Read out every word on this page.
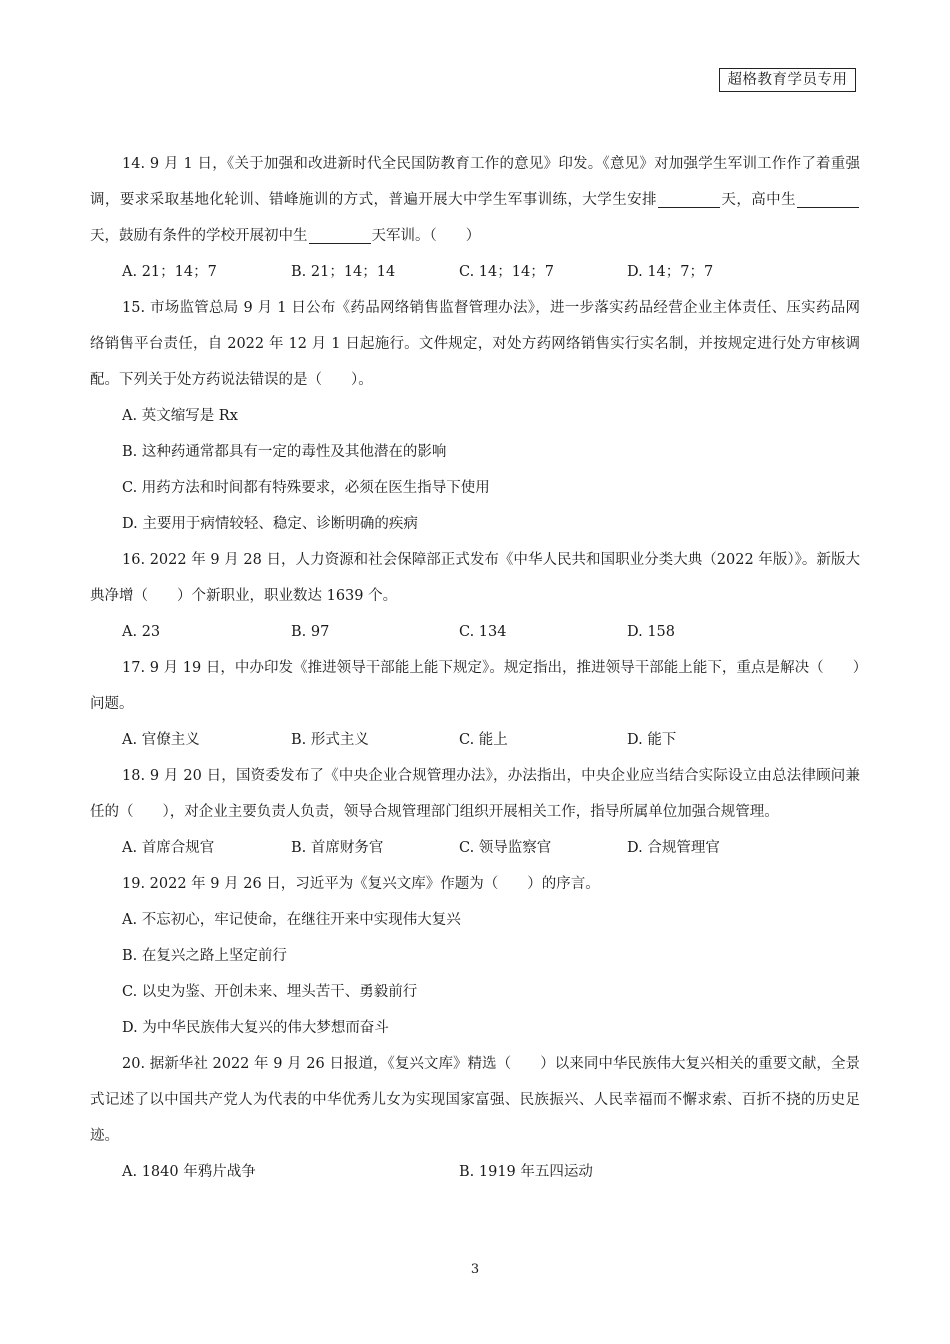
超格教育学员专用

14. 9 月 1 日，《关于加强和改进新时代全民国防教育工作的意见》印发。《意见》对加强学生军训工作作了着重强调，要求采取基地化轮训、错峰施训的方式，普遍开展大中学生军事训练，大学生安排	天，高中生天，鼓励有条件的学校开展初中生	天军训。（　　）

A. 21；14；7	B. 21；14；14	C. 14；14；7	D. 14；7；7

15. 市场监管总局 9 月 1 日公布《药品网络销售监督管理办法》，进一步落实药品经营企业主体责任、压实药品网络销售平台责任，自 2022 年 12 月 1 日起施行。文件规定，对处方药网络销售实行实名制，并按规定进行处方审核调配。下列关于处方药说法错误的是（　　）。

A. 英文缩写是 Rx

B. 这种药通常都具有一定的毒性及其他潜在的影响

C. 用药方法和时间都有特殊要求，必须在医生指导下使用

D. 主要用于病情较轻、稳定、诊断明确的疾病

16. 2022 年 9 月 28 日，人力资源和社会保障部正式发布《中华人民共和国职业分类大典（2022 年版）》。新版大典净增（　　）个新职业，职业数达 1639 个。

A. 23	B. 97	C. 134	D. 158

17. 9 月 19 日，中办印发《推进领导干部能上能下规定》。规定指出，推进领导干部能上能下，重点是解决（　　）问题。

A. 官僚主义	B. 形式主义	C. 能上	D. 能下

18. 9 月 20 日，国资委发布了《中央企业合规管理办法》，办法指出，中央企业应当结合实际设立由总法律顾问兼任的（　　），对企业主要负责人负责，领导合规管理部门组织开展相关工作，指导所属单位加强合规管理。

A. 首席合规官	B. 首席财务官	C. 领导监察官	D. 合规管理官

19. 2022 年 9 月 26 日，习近平为《复兴文库》作题为（　　）的序言。

A. 不忘初心，牢记使命，在继往开来中实现伟大复兴

B. 在复兴之路上坚定前行

C. 以史为鉴、开创未来、埋头苦干、勇毅前行

D. 为中华民族伟大复兴的伟大梦想而奋斗

20. 据新华社 2022 年 9 月 26 日报道，《复兴文库》精选（　　）以来同中华民族伟大复兴相关的重要文献，全景式记述了以中国共产党人为代表的中华优秀儿女为实现国家富强、民族振兴、人民幸福而不懈求索、百折不挠的历史足迹。

A. 1840 年鸦片战争	B. 1919 年五四运动
3
